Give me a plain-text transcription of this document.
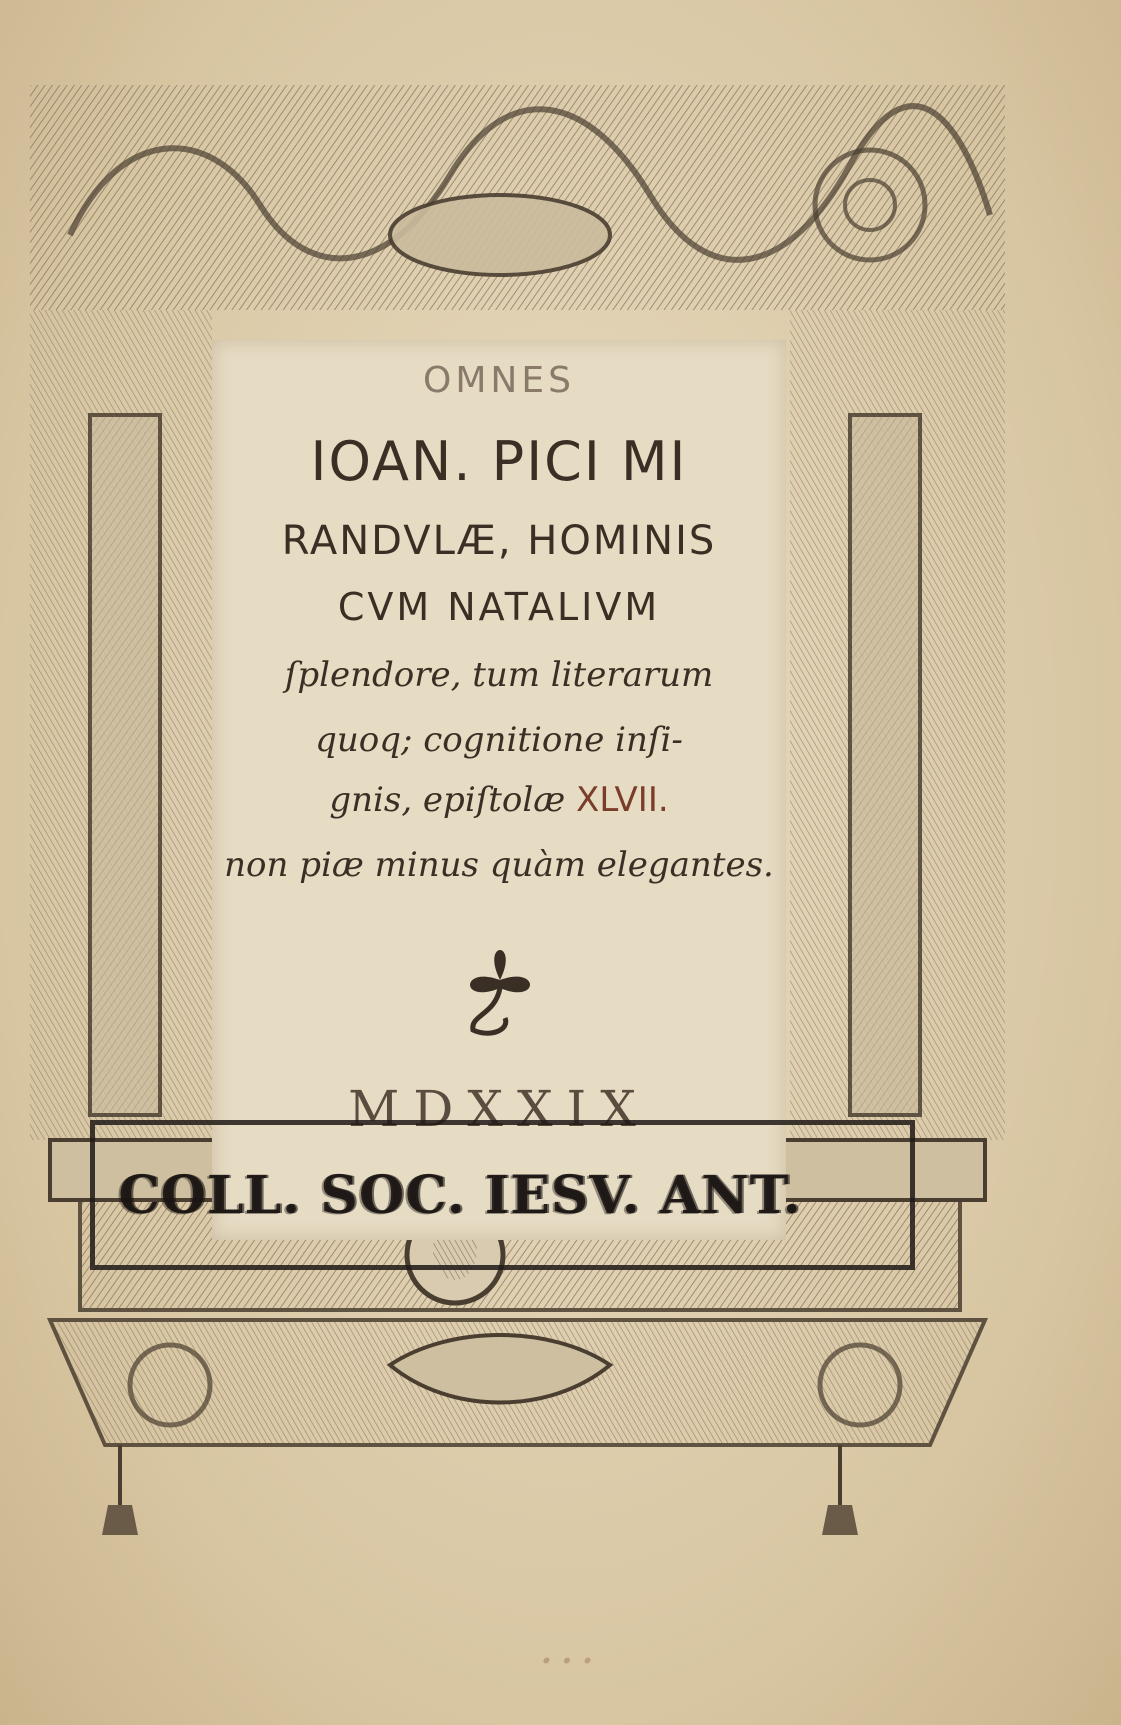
OMNES
IOAN. PICI MI
RANDVLÆ, HOMINIS
CVM NATALIVM
ſplendore, tum literarum
quoq; cognitione inſi-
gnis, epiſtolæ XLVII.
non piæ minus quàm elegantes.
MDXXIX
COLL. SOC. IESV. ANT.
...
